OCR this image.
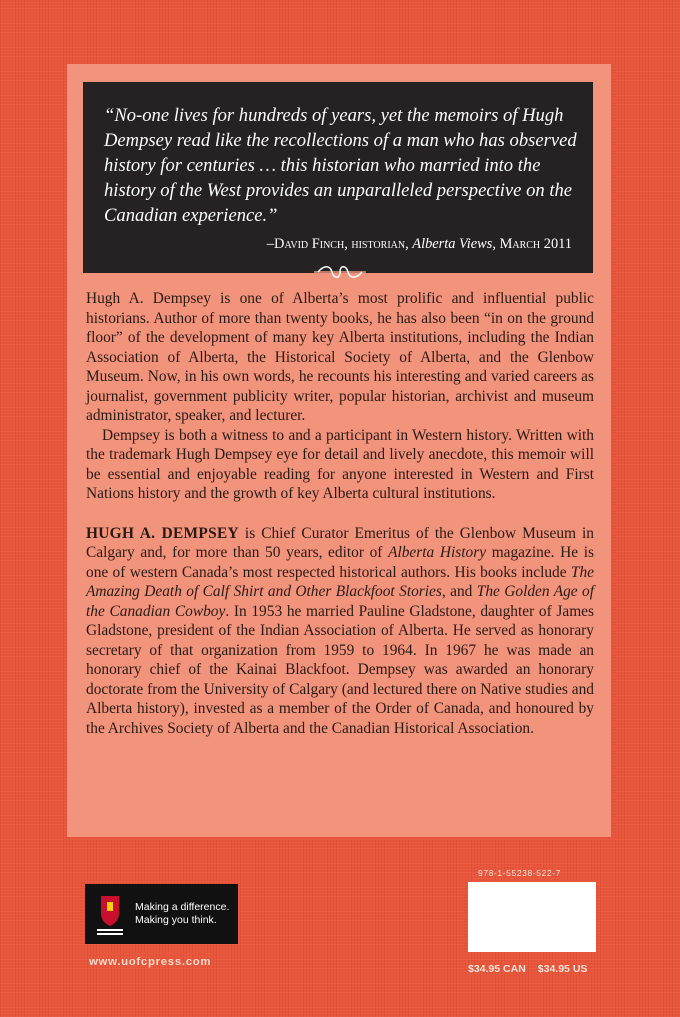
“No-one lives for hundreds of years, yet the memoirs of Hugh Dempsey read like the recollections of a man who has observed history for centuries … this historian who married into the history of the West provides an unparalleled perspective on the Canadian experience.”

–David Finch, historian, Alberta Views, March 2011

Hugh A. Dempsey is one of Alberta’s most prolific and influential public historians. Author of more than twenty books, he has also been “in on the ground floor” of the development of many key Alberta institutions, including the Indian Association of Alberta, the Historical Society of Alberta, and the Glenbow Museum. Now, in his own words, he recounts his interesting and varied careers as journalist, government publicity writer, popular historian, archivist and museum administrator, speaker, and lecturer.

Dempsey is both a witness to and a participant in Western history. Written with the trademark Hugh Dempsey eye for detail and lively anecdote, this memoir will be essential and enjoyable reading for anyone interested in Western and First Nations history and the growth of key Alberta cultural institutions.

HUGH A. DEMPSEY is Chief Curator Emeritus of the Glenbow Museum in Calgary and, for more than 50 years, editor of Alberta History magazine. He is one of western Canada’s most respected historical authors. His books include The Amazing Death of Calf Shirt and Other Blackfoot Stories, and The Golden Age of the Canadian Cowboy. In 1953 he married Pauline Gladstone, daughter of James Gladstone, president of the Indian Association of Alberta. He served as honorary secretary of that organization from 1959 to 1964. In 1967 he was made an honorary chief of the Kainai Blackfoot. Dempsey was awarded an honorary doctorate from the University of Calgary (and lectured there on Native studies and Alberta history), invested as a member of the Order of Canada, and honoured by the Archives Society of Alberta and the Canadian Historical Association.

Making a difference.
Making you think.
www.uofcpress.com
978-1-55238-522-7
$34.95 CAN $34.95 US
